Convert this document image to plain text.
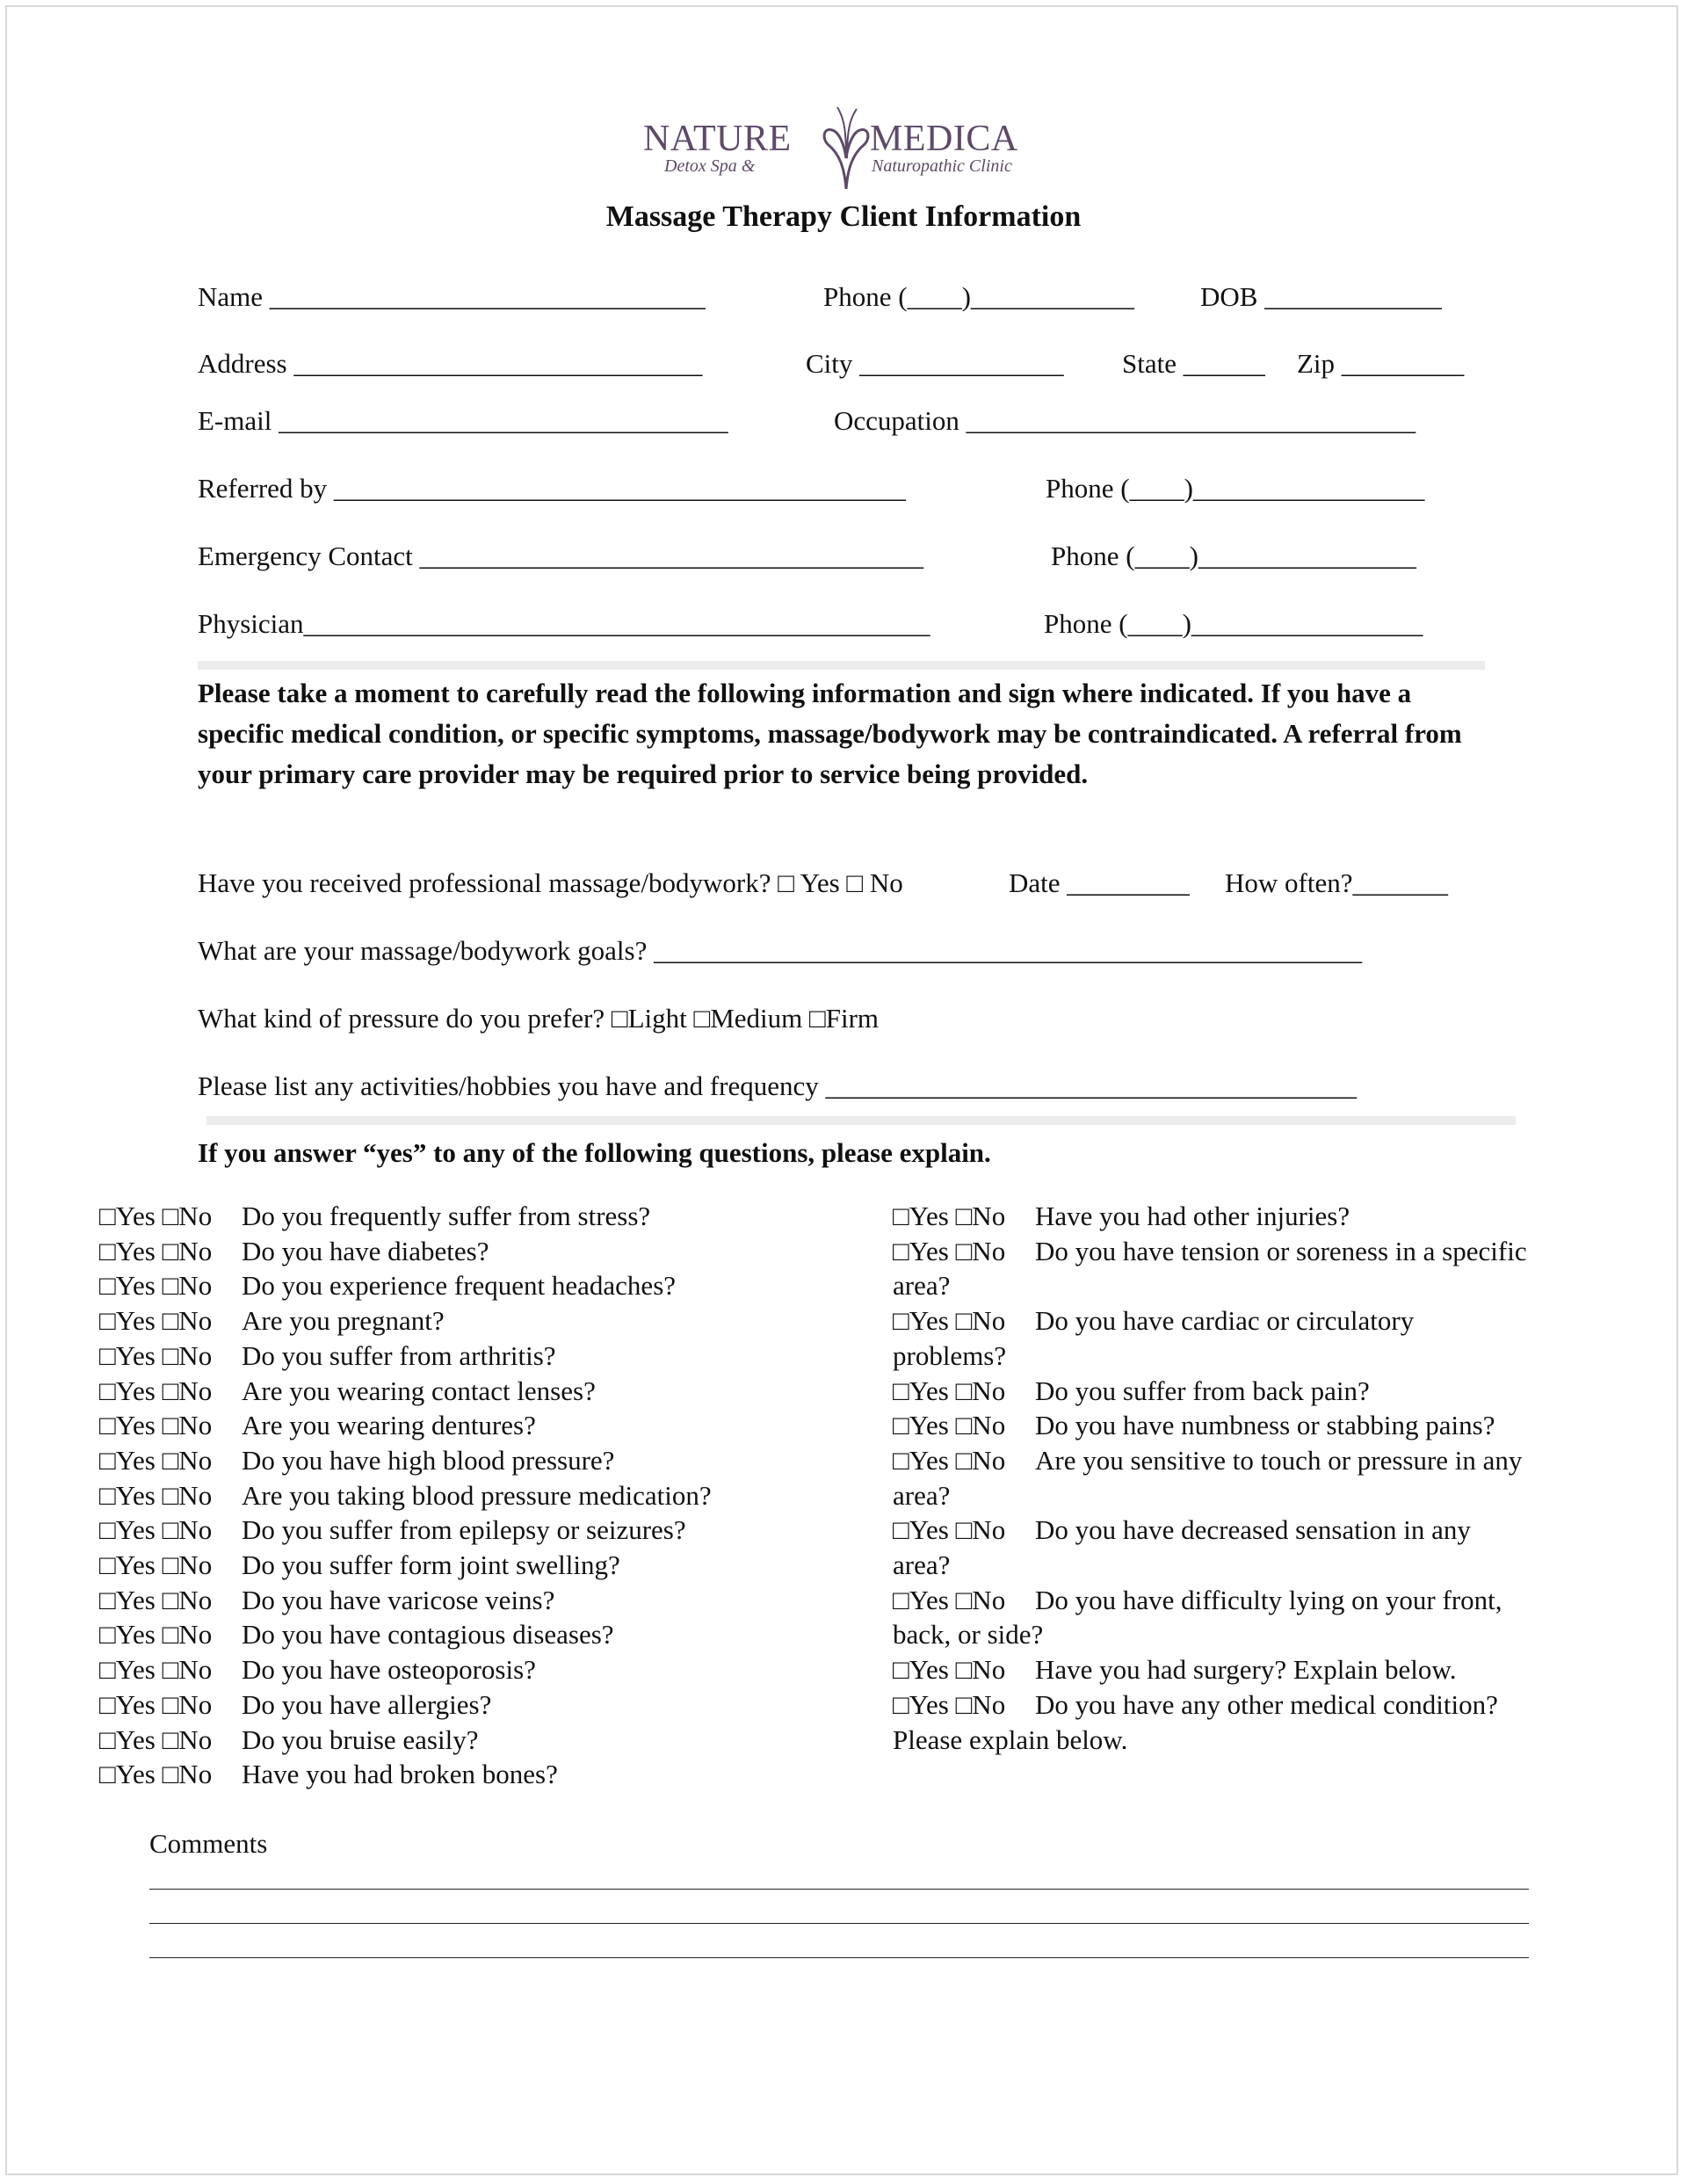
NATURE MEDICA
Detox Spa &	Naturopathic Clinic
Massage Therapy Client Information
Name ________________________________	Phone (____)____________ DOB _____________
Address ______________________________	City _______________ State ______ Zip _________
E-mail _________________________________	Occupation _________________________________
Referred by __________________________________________	Phone (____)_________________
Emergency Contact _____________________________________	Phone (____)________________
Physician______________________________________________	Phone (____)_________________
Please take a moment to carefully read the following information and sign where indicated. If you have a specific medical condition, or specific symptoms, massage/bodywork may be contraindicated. A referral from your primary care provider may be required prior to service being provided.
Have you received professional massage/bodywork? □ Yes □ No	Date _________ How often?_______
What are your massage/bodywork goals? ____________________________________________________
What kind of pressure do you prefer? □Light □Medium □Firm
Please list any activities/hobbies you have and frequency _______________________________________
If you answer “yes” to any of the following questions, please explain.
□Yes □No Do you frequently suffer from stress?
□Yes □No Do you have diabetes?
□Yes □No Do you experience frequent headaches?
□Yes □No Are you pregnant?
□Yes □No Do you suffer from arthritis?
□Yes □No Are you wearing contact lenses?
□Yes □No Are you wearing dentures?
□Yes □No Do you have high blood pressure?
□Yes □No Are you taking blood pressure medication?
□Yes □No Do you suffer from epilepsy or seizures?
□Yes □No Do you suffer form joint swelling?
□Yes □No Do you have varicose veins?
□Yes □No Do you have contagious diseases?
□Yes □No Do you have osteoporosis?
□Yes □No Do you have allergies?
□Yes □No Do you bruise easily?
□Yes □No Have you had broken bones?
□Yes □No Have you had other injuries?
□Yes □No Do you have tension or soreness in a specific
area?
□Yes □No Do you have cardiac or circulatory
problems?
□Yes □No Do you suffer from back pain?
□Yes □No Do you have numbness or stabbing pains?
□Yes □No Are you sensitive to touch or pressure in any
area?
□Yes □No Do you have decreased sensation in any
area?
□Yes □No Do you have difficulty lying on your front,
back, or side?
□Yes □No Have you had surgery? Explain below.
□Yes □No Do you have any other medical condition?
Please explain below.
Comments
